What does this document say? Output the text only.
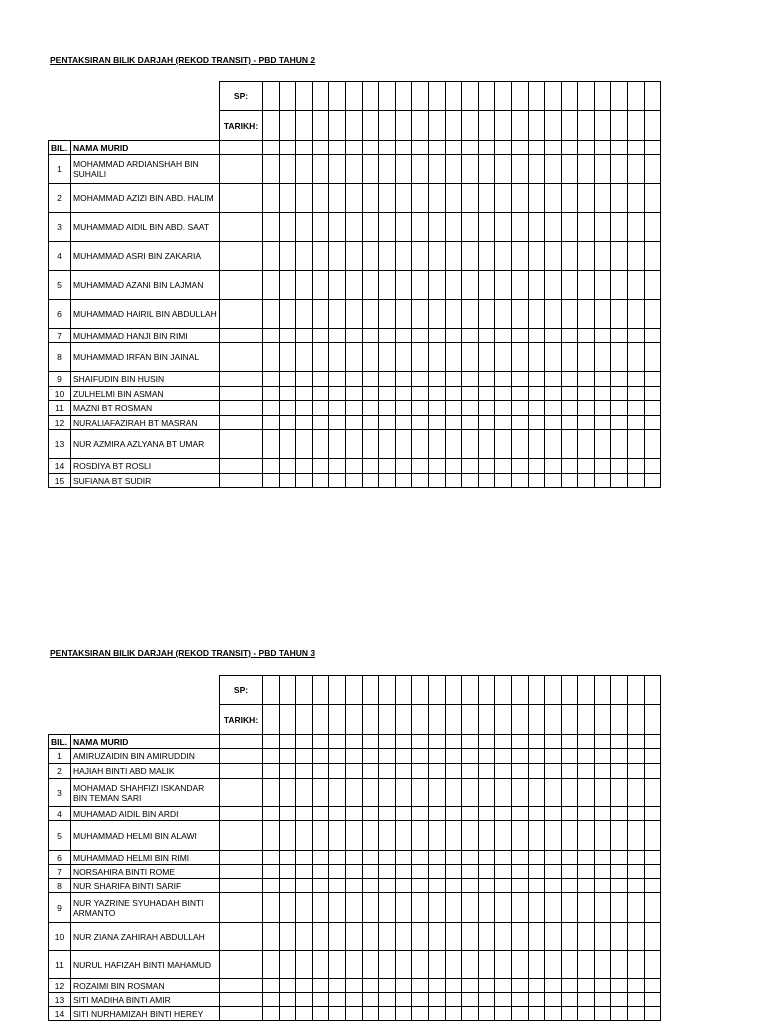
PENTAKSIRAN BILIK DARJAH (REKOD TRANSIT) - PBD TAHUN 2
		SP:																								
		TARIKH:																								
BIL.	NAMA MURID																									
1	MOHAMMAD ARDIANSHAH BIN SUHAILI																									
2	MOHAMMAD AZIZI BIN ABD. HALIM																									
3	MUHAMMAD AIDIL BIN ABD. SAAT																									
4	MUHAMMAD ASRI BIN ZAKARIA																									
5	MUHAMMAD AZANI BIN LAJMAN																									
6	MUHAMMAD HAIRIL BIN ABDULLAH																									
7	MUHAMMAD HANJI BIN RIMI																									
8	MUHAMMAD IRFAN BIN JAINAL																									
9	SHAIFUDIN BIN HUSIN																									
10	ZULHELMI BIN ASMAN																									
11	MAZNI BT ROSMAN																									
12	NURALIAFAZIRAH BT MASRAN																									
13	NUR AZMIRA AZLYANA BT UMAR																									
14	ROSDIYA BT ROSLI																									
15	SUFIANA BT SUDIR																									
PENTAKSIRAN BILIK DARJAH (REKOD TRANSIT) - PBD TAHUN 3
		SP:																								
		TARIKH:																								
BIL.	NAMA MURID																									
1	AMIRUZAIDIN BIN AMIRUDDIN																									
2	HAJIAH BINTI ABD MALIK																									
3	MOHAMAD SHAHFIZI ISKANDAR BIN TEMAN SARI																									
4	MUHAMAD AIDIL BIN ARDI																									
5	MUHAMMAD HELMI BIN ALAWI																									
6	MUHAMMAD HELMI BIN RIMI																									
7	NORSAHIRA BINTI ROME																									
8	NUR SHARIFA BINTI SARIF																									
9	NUR YAZRINE SYUHADAH BINTI ARMANTO																									
10	NUR ZIANA ZAHIRAH ABDULLAH																									
11	NURUL HAFIZAH BINTI MAHAMUD																									
12	ROZAIMI BIN ROSMAN																									
13	SITI MADIHA BINTI AMIR																									
14	SITI NURHAMIZAH BINTI HEREY																									
